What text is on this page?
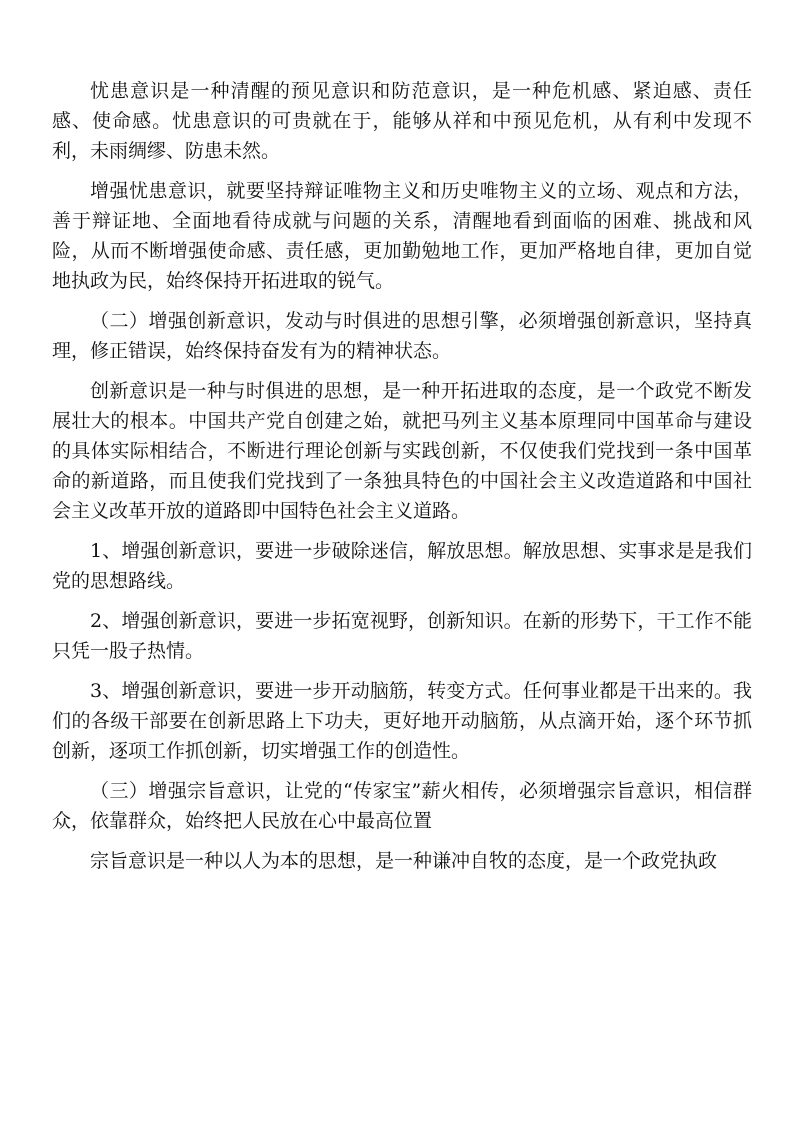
忧患意识是一种清醒的预见意识和防范意识，是一种危机感、紧迫感、责任感、使命感。忧患意识的可贵就在于，能够从祥和中预见危机，从有利中发现不利，未雨绸缪、防患未然。

增强忧患意识，就要坚持辩证唯物主义和历史唯物主义的立场、观点和方法，善于辩证地、全面地看待成就与问题的关系，清醒地看到面临的困难、挑战和风险，从而不断增强使命感、责任感，更加勤勉地工作，更加严格地自律，更加自觉地执政为民，始终保持开拓进取的锐气。

（二）增强创新意识，发动与时俱进的思想引擎，必须增强创新意识，坚持真理，修正错误，始终保持奋发有为的精神状态。

创新意识是一种与时俱进的思想，是一种开拓进取的态度，是一个政党不断发展壮大的根本。中国共产党自创建之始，就把马列主义基本原理同中国革命与建设的具体实际相结合，不断进行理论创新与实践创新，不仅使我们党找到一条中国革命的新道路，而且使我们党找到了一条独具特色的中国社会主义改造道路和中国社会主义改革开放的道路即中国特色社会主义道路。

1、增强创新意识，要进一步破除迷信，解放思想。解放思想、实事求是是我们党的思想路线。

2、增强创新意识，要进一步拓宽视野，创新知识。在新的形势下，干工作不能只凭一股子热情。

3、增强创新意识，要进一步开动脑筋，转变方式。任何事业都是干出来的。我们的各级干部要在创新思路上下功夫，更好地开动脑筋，从点滴开始，逐个环节抓创新，逐项工作抓创新，切实增强工作的创造性。

（三）增强宗旨意识，让党的“传家宝”薪火相传，必须增强宗旨意识，相信群众，依靠群众，始终把人民放在心中最高位置

宗旨意识是一种以人为本的思想，是一种谦冲自牧的态度，是一个政党执政
